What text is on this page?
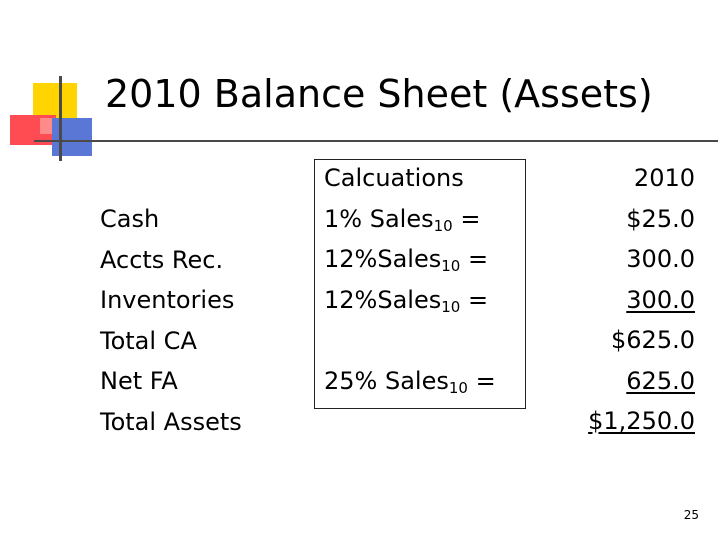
2010 Balance Sheet (Assets)
Cash
Accts Rec.
Inventories
Total CA
Net FA
Total Assets
Calcuations
1% Sales$_{10}$ =
12%Sales$_{10}$ =
12%Sales$_{10}$ =
25% Sales$_{10}$ =
2010
$25.0
300.0
300.0
$625.0
625.0
$1,250.0
25
